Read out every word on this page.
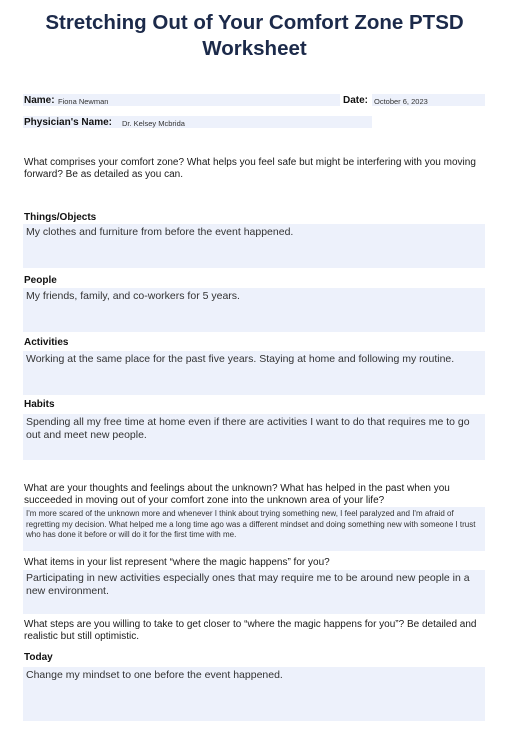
Stretching Out of Your Comfort Zone PTSD
Worksheet
Name: Fiona Newman	Date: October 6, 2023
Physician's Name: Dr. Kelsey Mcbrida
What comprises your comfort zone? What helps you feel safe but might be interfering with you moving forward? Be as detailed as you can.
Things/Objects
My clothes and furniture from before the event happened.
People
My friends, family, and co-workers for 5 years.
Activities
Working at the same place for the past five years. Staying at home and following my routine.
Habits
Spending all my free time at home even if there are activities I want to do that requires me to go out and meet new people.
What are your thoughts and feelings about the unknown? What has helped in the past when you succeeded in moving out of your comfort zone into the unknown area of your life?
I'm more scared of the unknown more and whenever I think about trying something new, I feel paralyzed and I'm afraid of regretting my decision. What helped me a long time ago was a different mindset and doing something new with someone I trust who has done it before or will do it for the first time with me.
What items in your list represent “where the magic happens” for you?
Participating in new activities especially ones that may require me to be around new people in a new environment.
What steps are you willing to take to get closer to “where the magic happens for you”? Be detailed and realistic but still optimistic.
Today
Change my mindset to one before the event happened.
